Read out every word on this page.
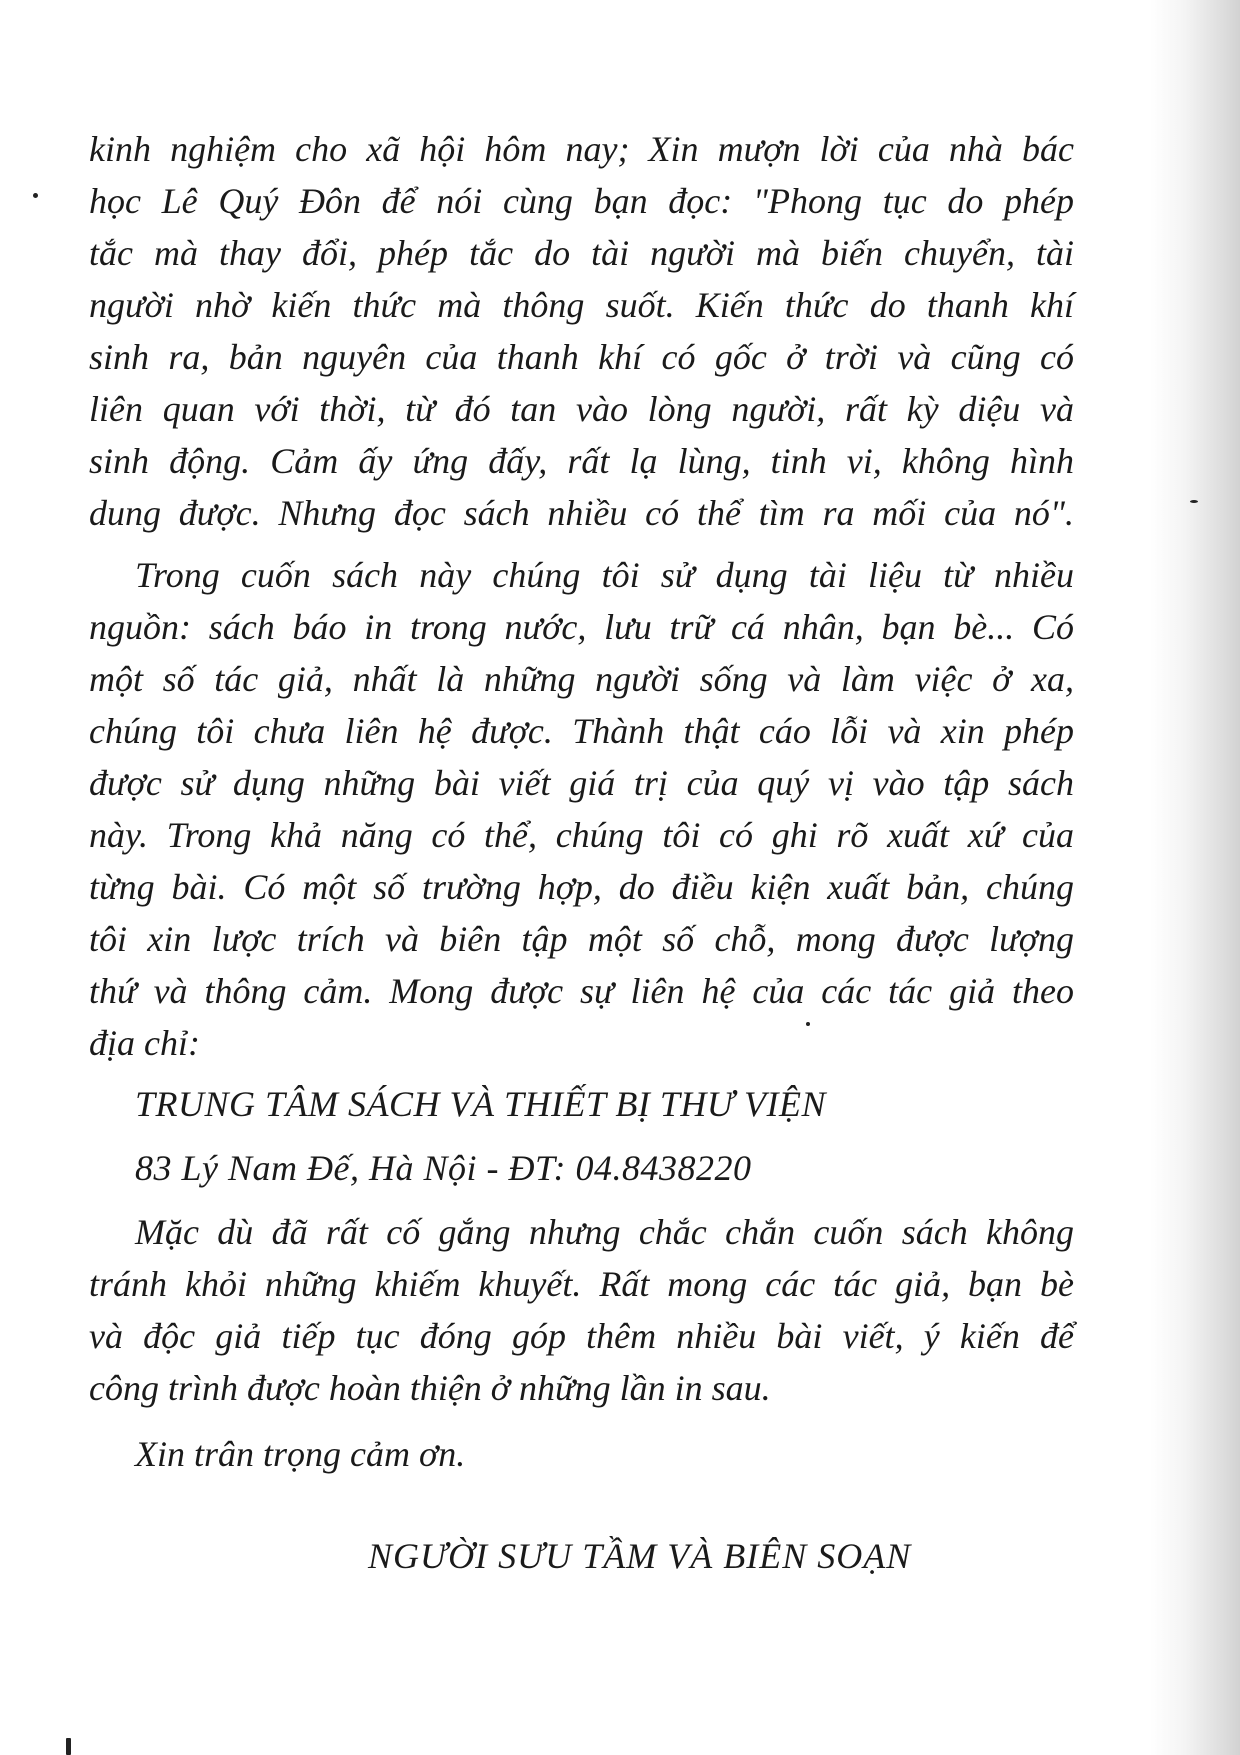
kinh nghiệm cho xã hội hôm nay; Xin mượn lời của nhà bác
học Lê Quý Đôn để nói cùng bạn đọc: "Phong tục do phép
tắc mà thay đổi, phép tắc do tài người mà biến chuyển, tài
người nhờ kiến thức mà thông suốt. Kiến thức do thanh khí
sinh ra, bản nguyên của thanh khí có gốc ở trời và cũng có
liên quan với thời, từ đó tan vào lòng người, rất kỳ diệu và
sinh động. Cảm ấy ứng đấy, rất lạ lùng, tinh vi, không hình
dung được. Nhưng đọc sách nhiều có thể tìm ra mối của nó".
Trong cuốn sách này chúng tôi sử dụng tài liệu từ nhiều
nguồn: sách báo in trong nước, lưu trữ cá nhân, bạn bè... Có
một số tác giả, nhất là những người sống và làm việc ở xa,
chúng tôi chưa liên hệ được. Thành thật cáo lỗi và xin phép
được sử dụng những bài viết giá trị của quý vị vào tập sách
này. Trong khả năng có thể, chúng tôi có ghi rõ xuất xứ của
từng bài. Có một số trường hợp, do điều kiện xuất bản, chúng
tôi xin lược trích và biên tập một số chỗ, mong được lượng
thứ và thông cảm. Mong được sự liên hệ của các tác giả theo
địa chỉ:
TRUNG TÂM SÁCH VÀ THIẾT BỊ THƯ VIỆN
83 Lý Nam Đế, Hà Nội - ĐT: 04.8438220
Mặc dù đã rất cố gắng nhưng chắc chắn cuốn sách không
tránh khỏi những khiếm khuyết. Rất mong các tác giả, bạn bè
và độc giả tiếp tục đóng góp thêm nhiều bài viết, ý kiến để
công trình được hoàn thiện ở những lần in sau.
Xin trân trọng cảm ơn.
NGƯỜI SƯU TẦM VÀ BIÊN SOẠN
